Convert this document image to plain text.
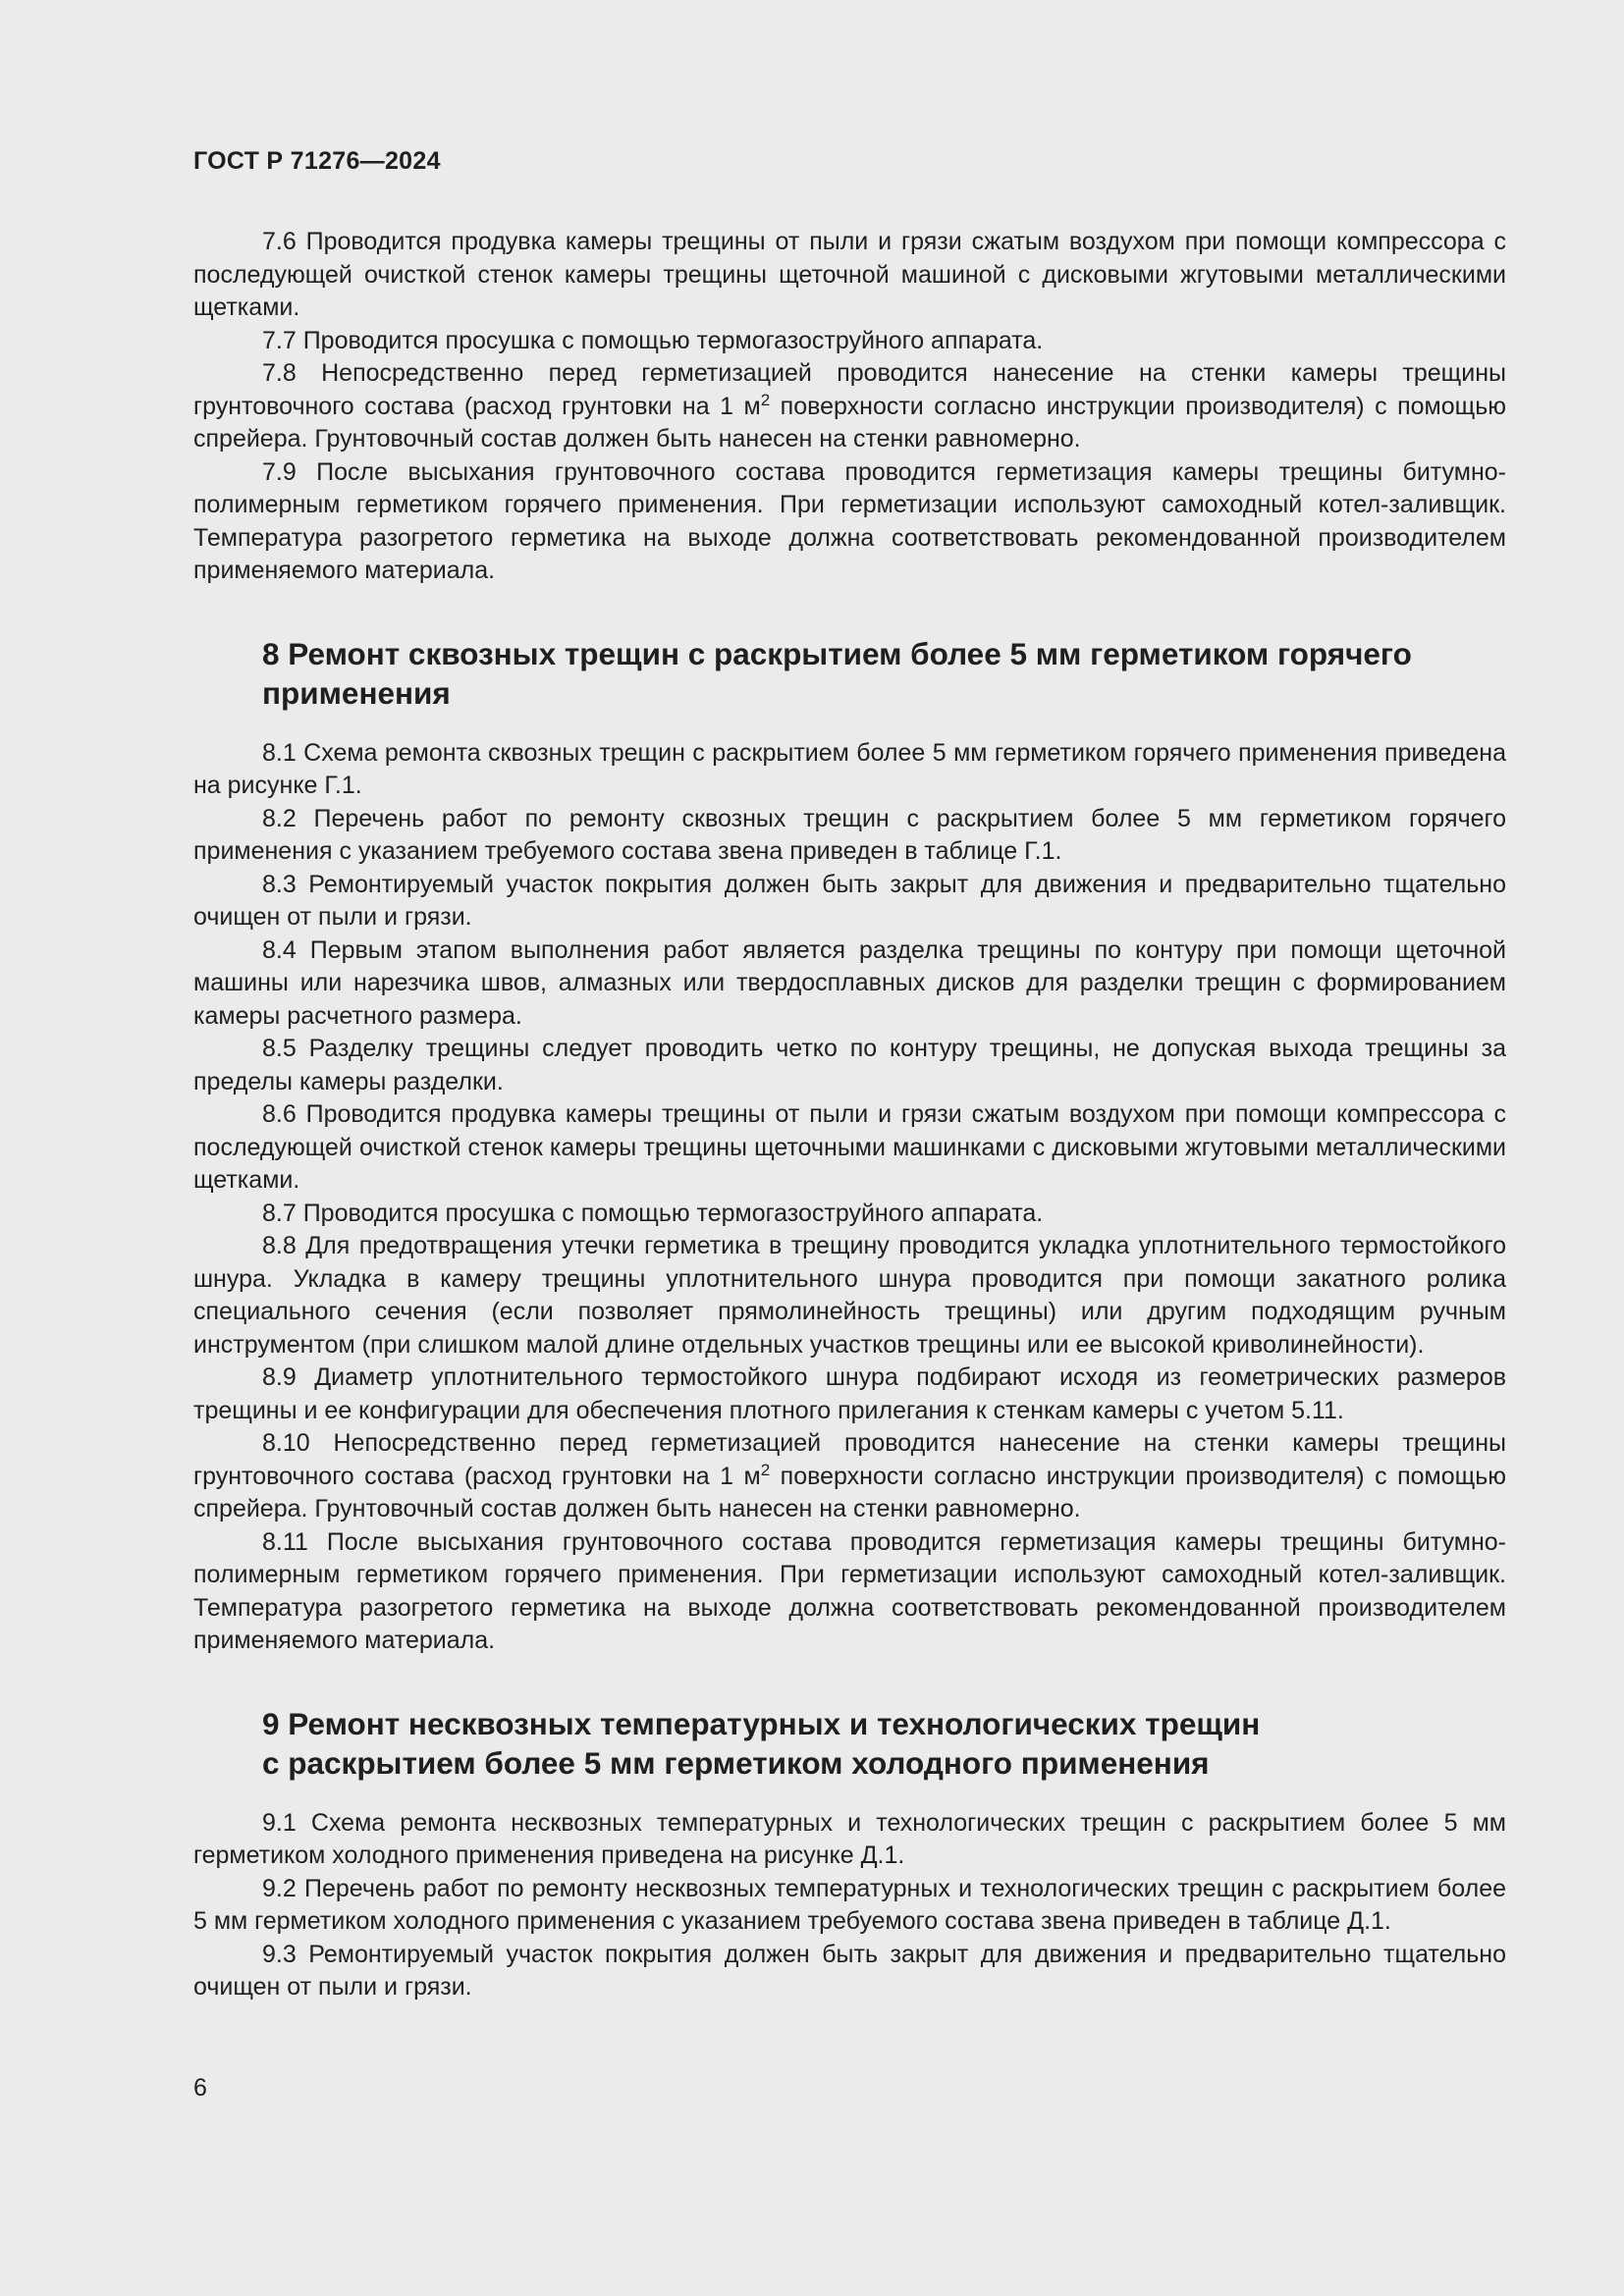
ГОСТ Р 71276—2024

7.6 Проводится продувка камеры трещины от пыли и грязи сжатым воздухом при помощи компрессора с последующей очисткой стенок камеры трещины щеточной машиной с дисковыми жгутовыми металлическими щетками.

7.7 Проводится просушка с помощью термогазоструйного аппарата.

7.8 Непосредственно перед герметизацией проводится нанесение на стенки камеры трещины грунтовочного состава (расход грунтовки на 1 $м^2$ поверхности согласно инструкции производителя) с помощью спрейера. Грунтовочный состав должен быть нанесен на стенки равномерно.

7.9 После высыхания грунтовочного состава проводится герметизация камеры трещины битумно-полимерным герметиком горячего применения. При герметизации используют самоходный котел-заливщик. Температура разогретого герметика на выходе должна соответствовать рекомендованной производителем применяемого материала.

8 Ремонт сквозных трещин с раскрытием более 5 мм герметиком горячего применения

8.1 Схема ремонта сквозных трещин с раскрытием более 5 мм герметиком горячего применения приведена на рисунке Г.1.

8.2 Перечень работ по ремонту сквозных трещин с раскрытием более 5 мм герметиком горячего применения с указанием требуемого состава звена приведен в таблице Г.1.

8.3 Ремонтируемый участок покрытия должен быть закрыт для движения и предварительно тщательно очищен от пыли и грязи.

8.4 Первым этапом выполнения работ является разделка трещины по контуру при помощи щеточной машины или нарезчика швов, алмазных или твердосплавных дисков для разделки трещин с формированием камеры расчетного размера.

8.5 Разделку трещины следует проводить четко по контуру трещины, не допуская выхода трещины за пределы камеры разделки.

8.6 Проводится продувка камеры трещины от пыли и грязи сжатым воздухом при помощи компрессора с последующей очисткой стенок камеры трещины щеточными машинками с дисковыми жгутовыми металлическими щетками.

8.7 Проводится просушка с помощью термогазоструйного аппарата.

8.8 Для предотвращения утечки герметика в трещину проводится укладка уплотнительного термостойкого шнура. Укладка в камеру трещины уплотнительного шнура проводится при помощи закатного ролика специального сечения (если позволяет прямолинейность трещины) или другим подходящим ручным инструментом (при слишком малой длине отдельных участков трещины или ее высокой криволинейности).

8.9 Диаметр уплотнительного термостойкого шнура подбирают исходя из геометрических размеров трещины и ее конфигурации для обеспечения плотного прилегания к стенкам камеры с учетом 5.11.

8.10 Непосредственно перед герметизацией проводится нанесение на стенки камеры трещины грунтовочного состава (расход грунтовки на 1 $м^2$ поверхности согласно инструкции производителя) с помощью спрейера. Грунтовочный состав должен быть нанесен на стенки равномерно.

8.11 После высыхания грунтовочного состава проводится герметизация камеры трещины битумно-полимерным герметиком горячего применения. При герметизации используют самоходный котел-заливщик. Температура разогретого герметика на выходе должна соответствовать рекомендованной производителем применяемого материала.

9 Ремонт несквозных температурных и технологических трещин
с раскрытием более 5 мм герметиком холодного применения

9.1 Схема ремонта несквозных температурных и технологических трещин с раскрытием более 5 мм герметиком холодного применения приведена на рисунке Д.1.

9.2 Перечень работ по ремонту несквозных температурных и технологических трещин с раскрытием более 5 мм герметиком холодного применения с указанием требуемого состава звена приведен в таблице Д.1.

9.3 Ремонтируемый участок покрытия должен быть закрыт для движения и предварительно тщательно очищен от пыли и грязи.

6
